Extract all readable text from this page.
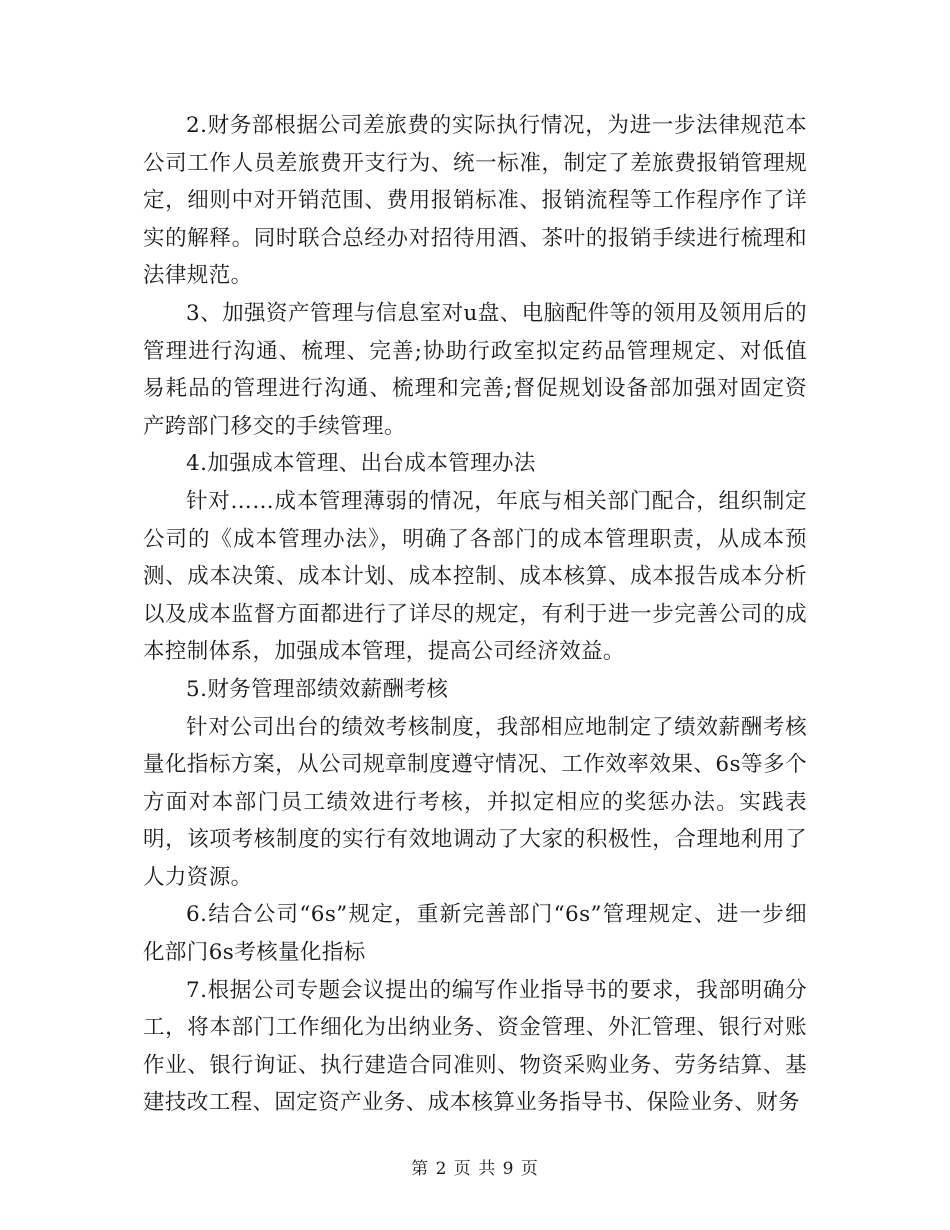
2.财务部根据公司差旅费的实际执行情况，为进一步法律规范本公司工作人员差旅费开支行为、统一标准，制定了差旅费报销管理规定，细则中对开销范围、费用报销标准、报销流程等工作程序作了详实的解释。同时联合总经办对招待用酒、茶叶的报销手续进行梳理和法律规范。

3、加强资产管理与信息室对u盘、电脑配件等的领用及领用后的管理进行沟通、梳理、完善;协助行政室拟定药品管理规定、对低值易耗品的管理进行沟通、梳理和完善;督促规划设备部加强对固定资产跨部门移交的手续管理。

4.加强成本管理、出台成本管理办法

针对……成本管理薄弱的情况，年底与相关部门配合，组织制定公司的《成本管理办法》，明确了各部门的成本管理职责，从成本预测、成本决策、成本计划、成本控制、成本核算、成本报告成本分析以及成本监督方面都进行了详尽的规定，有利于进一步完善公司的成本控制体系，加强成本管理，提高公司经济效益。

5.财务管理部绩效薪酬考核

针对公司出台的绩效考核制度，我部相应地制定了绩效薪酬考核量化指标方案，从公司规章制度遵守情况、工作效率效果、6s等多个方面对本部门员工绩效进行考核，并拟定相应的奖惩办法。实践表明，该项考核制度的实行有效地调动了大家的积极性，合理地利用了人力资源。

6.结合公司“6s”规定，重新完善部门“6s”管理规定、进一步细化部门6s考核量化指标

7.根据公司专题会议提出的编写作业指导书的要求，我部明确分工，将本部门工作细化为出纳业务、资金管理、外汇管理、银行对账作业、银行询证、执行建造合同准则、物资采购业务、劳务结算、基建技改工程、固定资产业务、成本核算业务指导书、保险业务、财务

第 2 页 共 9 页
